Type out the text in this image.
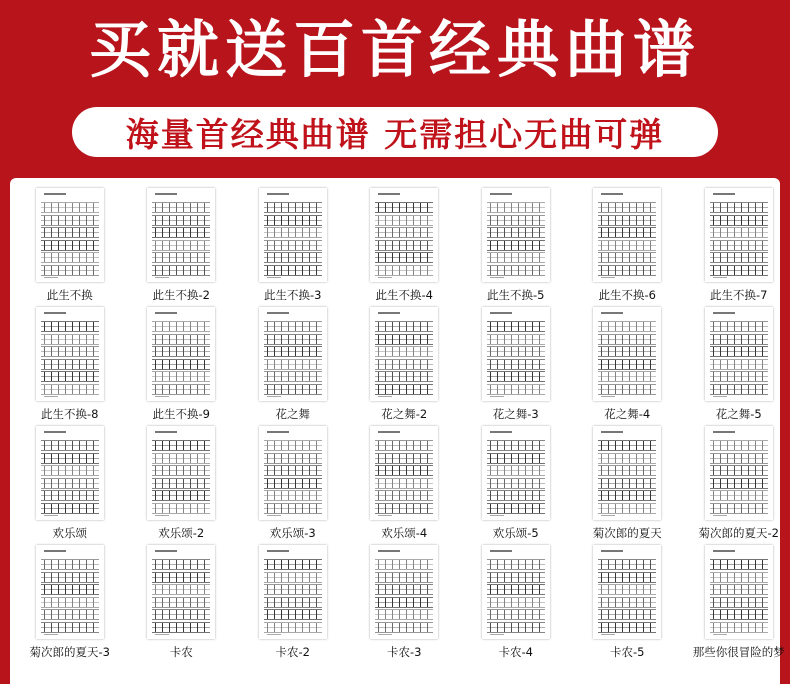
买就送百首经典曲谱
海量首经典曲谱 无需担心无曲可弹
此生不换	此生不换-2	此生不换-3	此生不换-4	此生不换-5	此生不换-6	此生不换-7
此生不换-8	此生不换-9	花之舞	花之舞-2	花之舞-3	花之舞-4	花之舞-5
欢乐颂	欢乐颂-2	欢乐颂-3	欢乐颂-4	欢乐颂-5	菊次郎的夏天	菊次郎的夏天-2
菊次郎的夏天-3	卡农	卡农-2	卡农-3	卡农-4	卡农-5	那些你很冒险的梦
